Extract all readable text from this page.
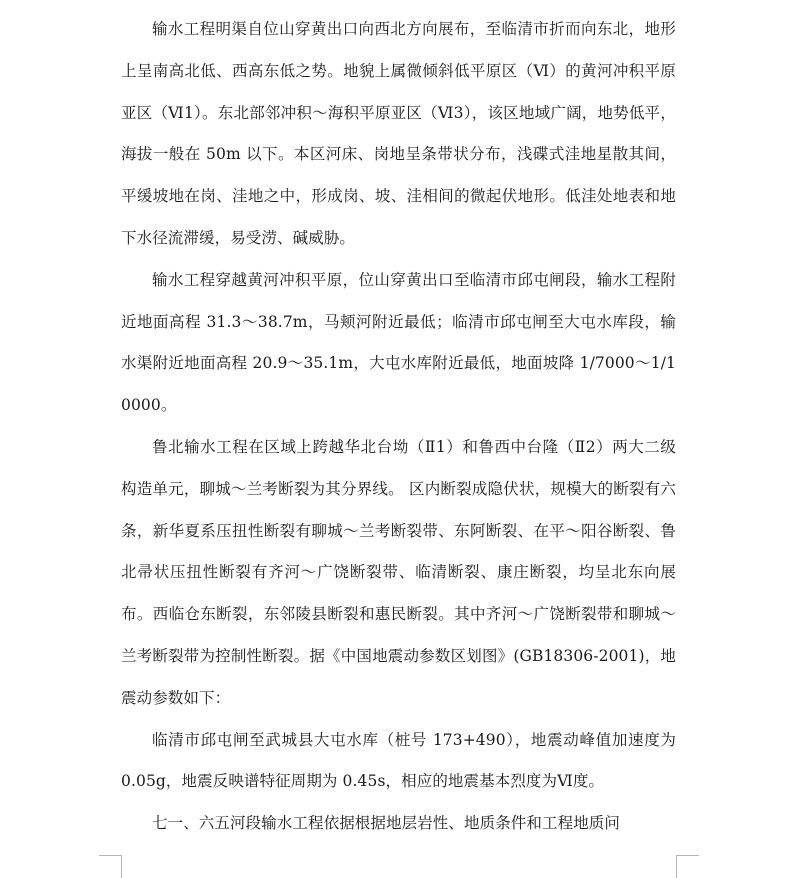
输水工程明渠自位山穿黄出口向西北方向展布，至临清市折而向东北，地形上呈南高北低、西高东低之势。地貌上属微倾斜低平原区（Ⅵ）的黄河冲积平原亚区（Ⅵ1）。东北部邻冲积～海积平原亚区（Ⅵ3），该区地域广阔，地势低平，海拔一般在 50m 以下。本区河床、岗地呈条带状分布，浅碟式洼地星散其间，平缓坡地在岗、洼地之中，形成岗、坡、洼相间的微起伏地形。低洼处地表和地下水径流滞缓，易受涝、碱威胁。

输水工程穿越黄河冲积平原，位山穿黄出口至临清市邱屯闸段，输水工程附近地面高程 31.3～38.7m，马颊河附近最低；临清市邱屯闸至大屯水库段，输水渠附近地面高程 20.9～35.1m，大屯水库附近最低，地面坡降 1/7000～1/10000。

鲁北输水工程在区域上跨越华北台坳（Ⅱ1）和鲁西中台隆（Ⅱ2）两大二级构造单元，聊城～兰考断裂为其分界线。 区内断裂成隐伏状，规模大的断裂有六条，新华夏系压扭性断裂有聊城～兰考断裂带、东阿断裂、在平～阳谷断裂、鲁北帚状压扭性断裂有齐河～广饶断裂带、临清断裂、康庄断裂，均呈北东向展布。西临仓东断裂，东邻陵县断裂和惠民断裂。其中齐河～广饶断裂带和聊城～兰考断裂带为控制性断裂。据《中国地震动参数区划图》(GB18306-2001)，地震动参数如下：

临清市邱屯闸至武城县大屯水库（桩号 173+490），地震动峰值加速度为 0.05g，地震反映谱特征周期为 0.45s，相应的地震基本烈度为Ⅵ度。

七一、六五河段输水工程依据根据地层岩性、地质条件和工程地质问
